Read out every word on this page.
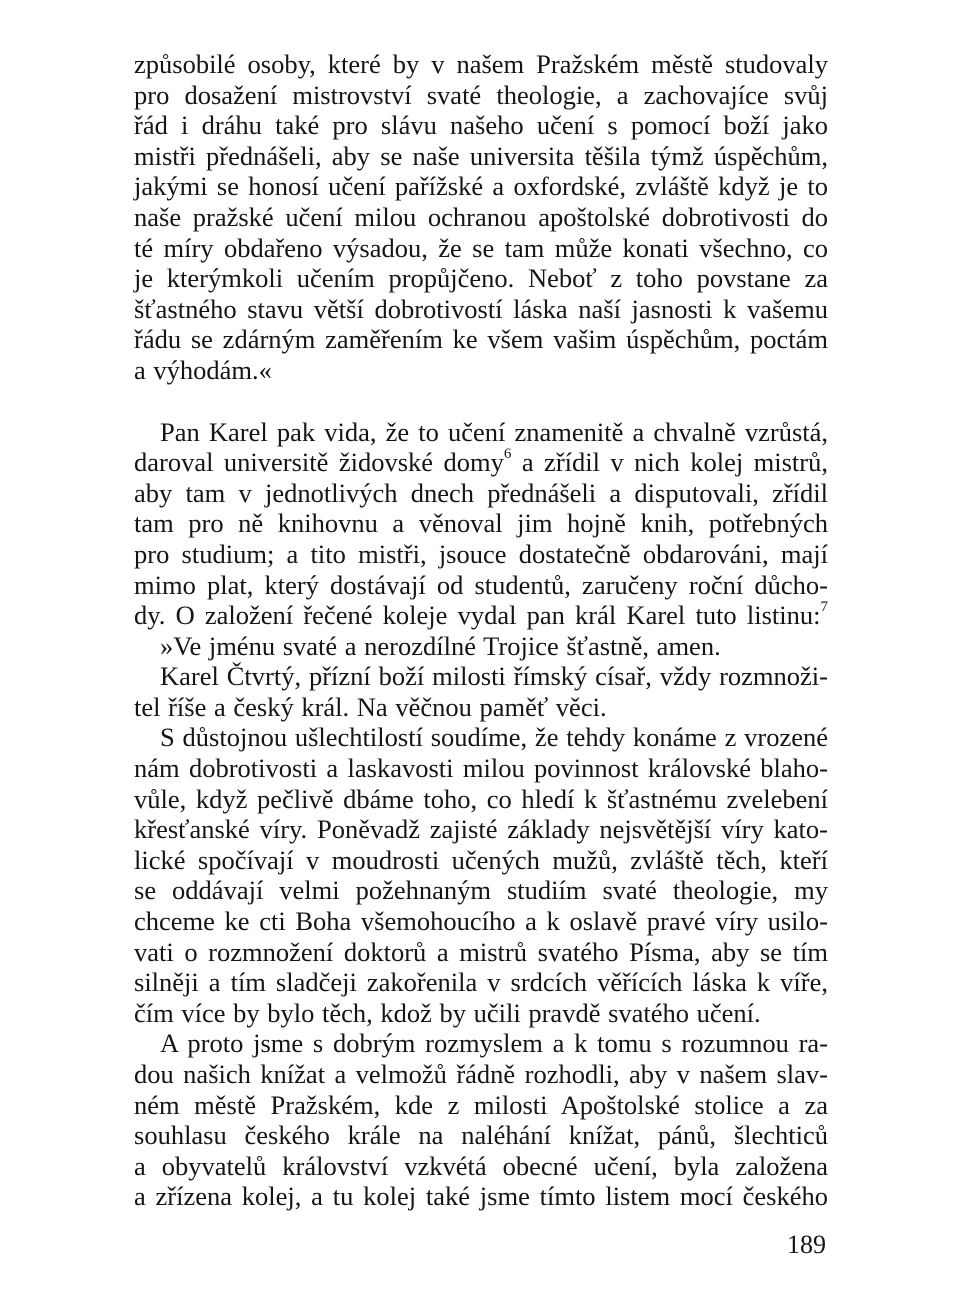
způsobilé osoby, které by v našem Pražském městě studovaly
pro dosažení mistrovství svaté theologie, a zachovajíce svůj
řád i dráhu také pro slávu našeho učení s pomocí boží jako
mistři přednášeli, aby se naše universita těšila týmž úspěchům,
jakými se honosí učení pařížské a oxfordské, zvláště když je to
naše pražské učení milou ochranou apoštolské dobrotivosti do
té míry obdařeno výsadou, že se tam může konati všechno, co
je kterýmkoli učením propůjčeno. Neboť z toho povstane za
šťastného stavu větší dobrotivostí láska naší jasnosti k vašemu
řádu se zdárným zaměřením ke všem vašim úspěchům, poctám
a výhodám.«
Pan Karel pak vida, že to učení znamenitě a chvalně vzrůstá,
daroval universitě židovské domy$^6$ a zřídil v nich kolej mistrů,
aby tam v jednotlivých dnech přednášeli a disputovali, zřídil
tam pro ně knihovnu a věnoval jim hojně knih, potřebných
pro studium; a tito mistři, jsouce dostatečně obdarováni, mají
mimo plat, který dostávají od studentů, zaručeny roční důcho-
dy. O založení řečené koleje vydal pan král Karel tuto listinu:$^7$
»Ve jménu svaté a nerozdílné Trojice šťastně, amen.
Karel Čtvrtý, přízní boží milosti římský císař, vždy rozmnoži-
tel říše a český král. Na věčnou paměť věci.
S důstojnou ušlechtilostí soudíme, že tehdy konáme z vrozené
nám dobrotivosti a laskavosti milou povinnost královské blaho-
vůle, když pečlivě dbáme toho, co hledí k šťastnému zvelebení
křesťanské víry. Poněvadž zajisté základy nejsvětější víry kato-
lické spočívají v moudrosti učených mužů, zvláště těch, kteří
se oddávají velmi požehnaným studiím svaté theologie, my
chceme ke cti Boha všemohoucího a k oslavě pravé víry usilo-
vati o rozmnožení doktorů a mistrů svatého Písma, aby se tím
silněji a tím sladčeji zakořenila v srdcích věřících láska k víře,
čím více by bylo těch, kdož by učili pravdě svatého učení.
A proto jsme s dobrým rozmyslem a k tomu s rozumnou ra-
dou našich knížat a velmožů řádně rozhodli, aby v našem slav-
ném městě Pražském, kde z milosti Apoštolské stolice a za
souhlasu českého krále na naléhání knížat, pánů, šlechticů
a obyvatelů království vzkvétá obecné učení, byla založena
a zřízena kolej, a tu kolej také jsme tímto listem mocí českého
189
